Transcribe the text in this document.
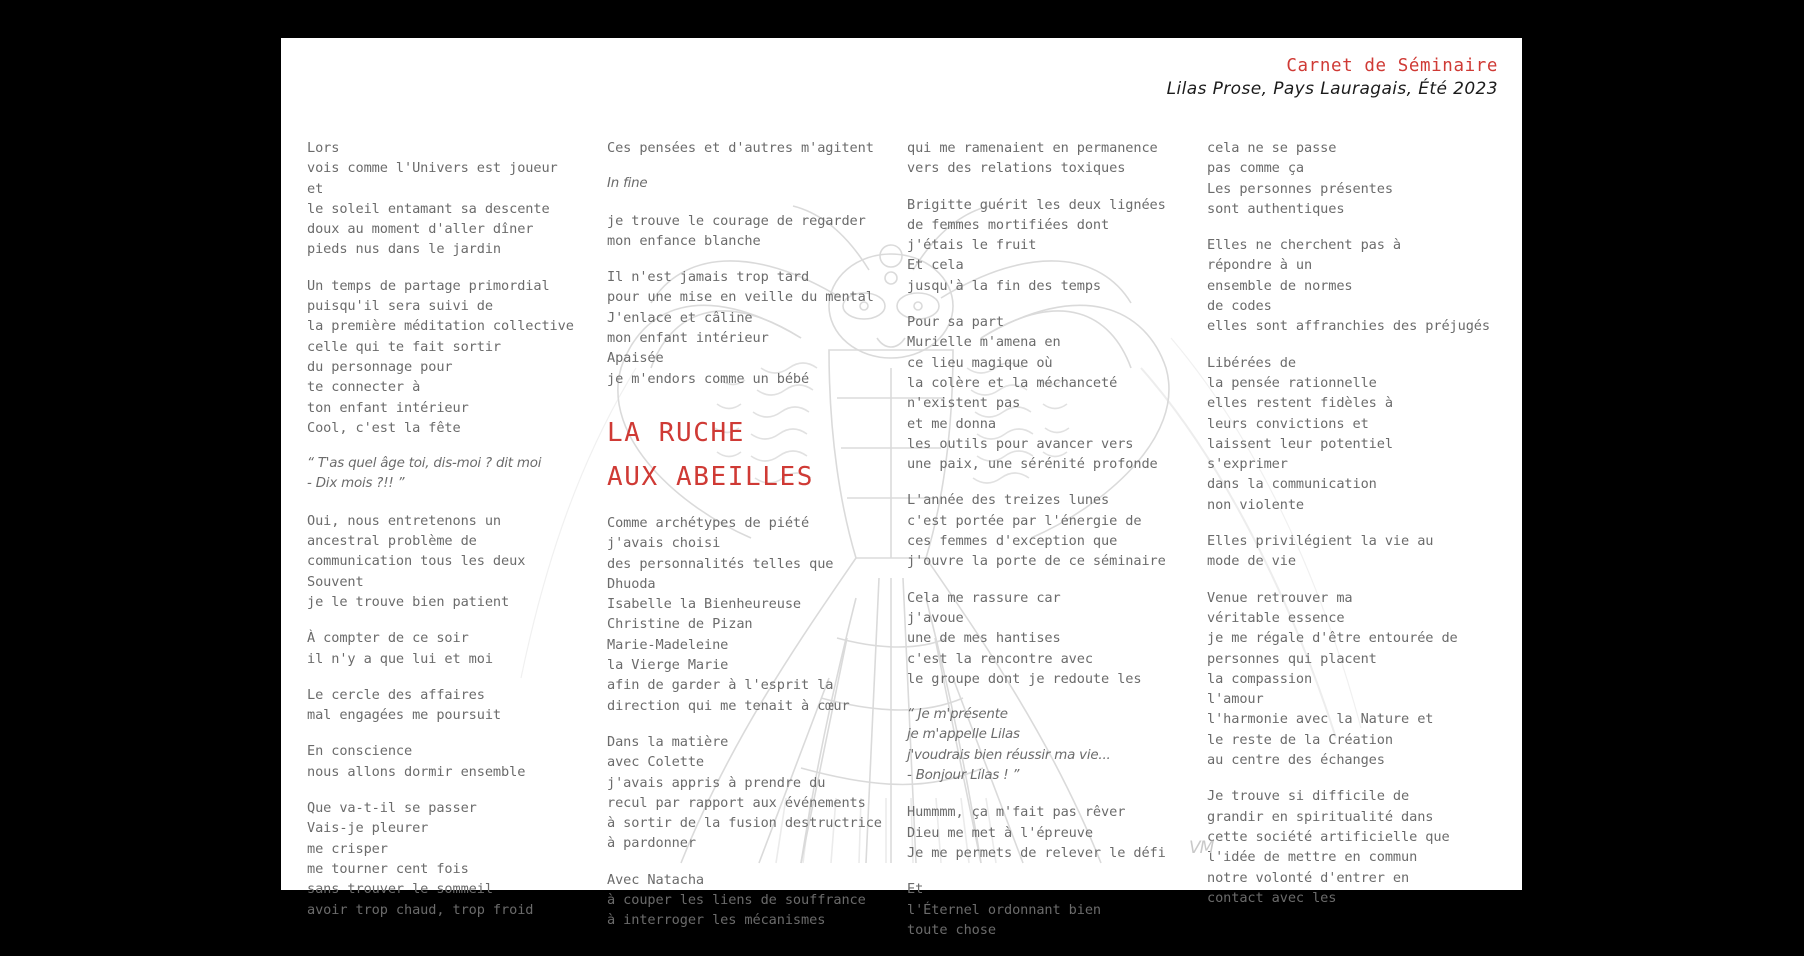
Carnet de Séminaire
Lilas Prose, Pays Lauragais, Été 2023
Lors
vois comme l'Univers est joueur
et
le soleil entamant sa descente
doux au moment d'aller dîner
pieds nus dans le jardin
Un temps de partage primordial
puisqu'il sera suivi de
la première méditation collective
celle qui te fait sortir
du personnage pour
te connecter à
ton enfant intérieur
Cool, c'est la fête
“ T'as quel âge toi, dis-moi ? dit moi
- Dix mois ?!! ”
Oui, nous entretenons un
ancestral problème de
communication tous les deux
Souvent
je le trouve bien patient
À compter de ce soir
il n'y a que lui et moi
Le cercle des affaires
mal engagées me poursuit
En conscience
nous allons dormir ensemble
Que va-t-il se passer
Vais-je pleurer
me crisper
me tourner cent fois
sans trouver le sommeil
avoir trop chaud, trop froid
Ces pensées et d'autres m'agitent
In fine
je trouve le courage de regarder
mon enfance blanche
Il n'est jamais trop tard
pour une mise en veille du mental
J'enlace et câline
mon enfant intérieur
Apaisée
je m'endors comme un bébé
LA RUCHE
AUX ABEILLES
Comme archétypes de piété
j'avais choisi
des personnalités telles que
Dhuoda
Isabelle la Bienheureuse
Christine de Pizan
Marie-Madeleine
la Vierge Marie
afin de garder à l'esprit la
direction qui me tenait à cœur
Dans la matière
avec Colette
j'avais appris à prendre du
recul par rapport aux événements
à sortir de la fusion destructrice
à pardonner
Avec Natacha
à couper les liens de souffrance
à interroger les mécanismes
qui me ramenaient en permanence
vers des relations toxiques
Brigitte guérit les deux lignées
de femmes mortifiées dont
j'étais le fruit
Et cela
jusqu'à la fin des temps
Pour sa part
Murielle m'amena en
ce lieu magique où
la colère et la méchanceté
n'existent pas
et me donna
les outils pour avancer vers
une paix, une sérénité profonde
L'année des treizes lunes
c'est portée par l'énergie de
ces femmes d'exception que
j'ouvre la porte de ce séminaire
Cela me rassure car
j'avoue
une de mes hantises
c'est la rencontre avec
le groupe dont je redoute les
“ Je m'présente
je m'appelle Lilas
j'voudrais bien réussir ma vie...
- Bonjour Lilas ! ”
Hummmm, ça m'fait pas rêver
Dieu me met à l'épreuve
Je me permets de relever le défi
Et
l'Éternel ordonnant bien
toute chose
cela ne se passe
pas comme ça
Les personnes présentes
sont authentiques
Elles ne cherchent pas à
répondre à un
ensemble de normes
de codes
elles sont affranchies des préjugés
Libérées de
la pensée rationnelle
elles restent fidèles à
leurs convictions et
laissent leur potentiel
s'exprimer
dans la communication
non violente
Elles privilégient la vie au
mode de vie
Venue retrouver ma
véritable essence
je me régale d'être entourée de
personnes qui placent
la compassion
l'amour
l'harmonie avec la Nature et
le reste de la Création
au centre des échanges
Je trouve si difficile de
grandir en spiritualité dans
cette société artificielle que
l'idée de mettre en commun
notre volonté d'entrer en
contact avec les
VM
